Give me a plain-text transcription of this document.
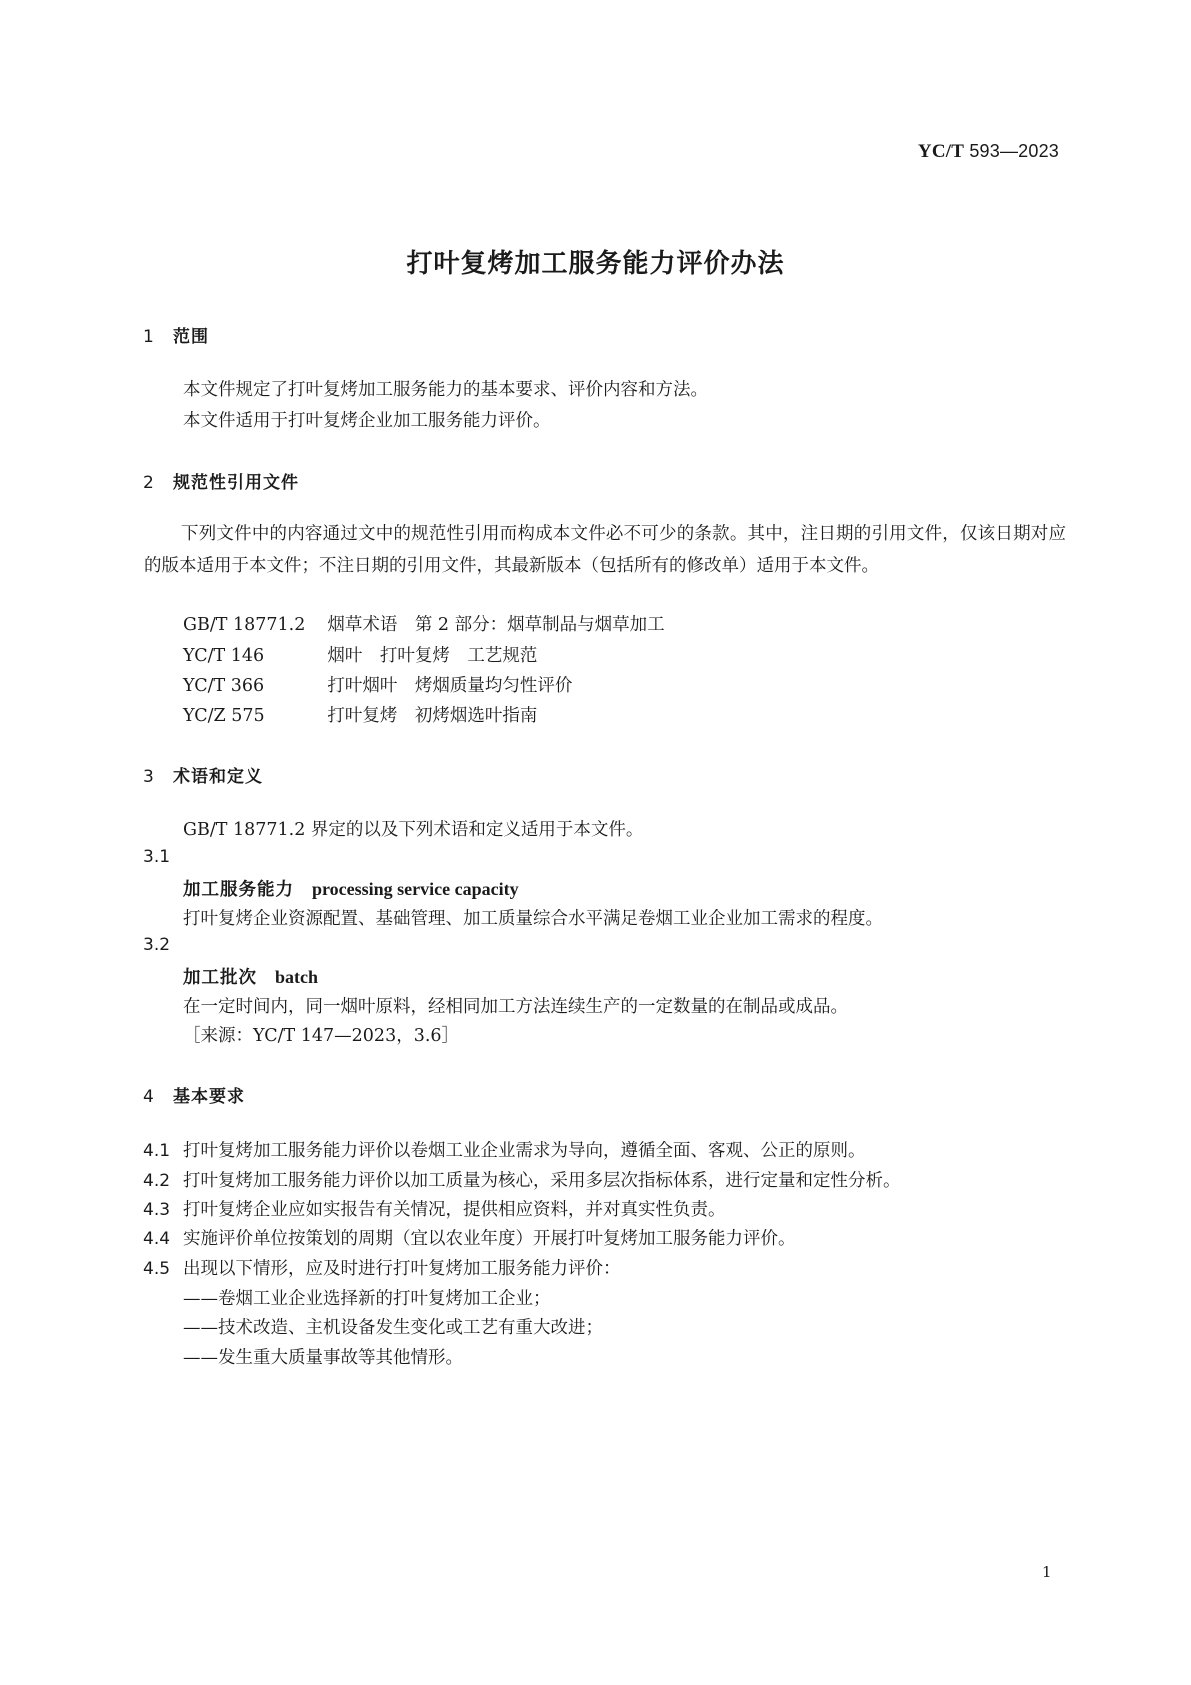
YC/T 593—2023
打叶复烤加工服务能力评价办法
1 范围
本文件规定了打叶复烤加工服务能力的基本要求、评价内容和方法。
本文件适用于打叶复烤企业加工服务能力评价。
2 规范性引用文件
下列文件中的内容通过文中的规范性引用而构成本文件必不可少的条款。其中，注日期的引用文件，仅该日期对应的版本适用于本文件；不注日期的引用文件，其最新版本（包括所有的修改单）适用于本文件。
GB/T 18771.2 烟草术语　第 2 部分：烟草制品与烟草加工
YC/T 146	烟叶　打叶复烤　工艺规范
YC/T 366	打叶烟叶　烤烟质量均匀性评价
YC/Z 575	打叶复烤　初烤烟选叶指南
3 术语和定义
GB/T 18771.2 界定的以及下列术语和定义适用于本文件。
3.1
加工服务能力 processing service capacity
打叶复烤企业资源配置、基础管理、加工质量综合水平满足卷烟工业企业加工需求的程度。
3.2
加工批次 batch
在一定时间内，同一烟叶原料，经相同加工方法连续生产的一定数量的在制品或成品。
［来源：YC/T 147—2023，3.6］
4 基本要求
4.1 打叶复烤加工服务能力评价以卷烟工业企业需求为导向，遵循全面、客观、公正的原则。
4.2 打叶复烤加工服务能力评价以加工质量为核心，采用多层次指标体系，进行定量和定性分析。
4.3 打叶复烤企业应如实报告有关情况，提供相应资料，并对真实性负责。
4.4 实施评价单位按策划的周期（宜以农业年度）开展打叶复烤加工服务能力评价。
4.5 出现以下情形，应及时进行打叶复烤加工服务能力评价：
——卷烟工业企业选择新的打叶复烤加工企业；
——技术改造、主机设备发生变化或工艺有重大改进；
——发生重大质量事故等其他情形。
1
